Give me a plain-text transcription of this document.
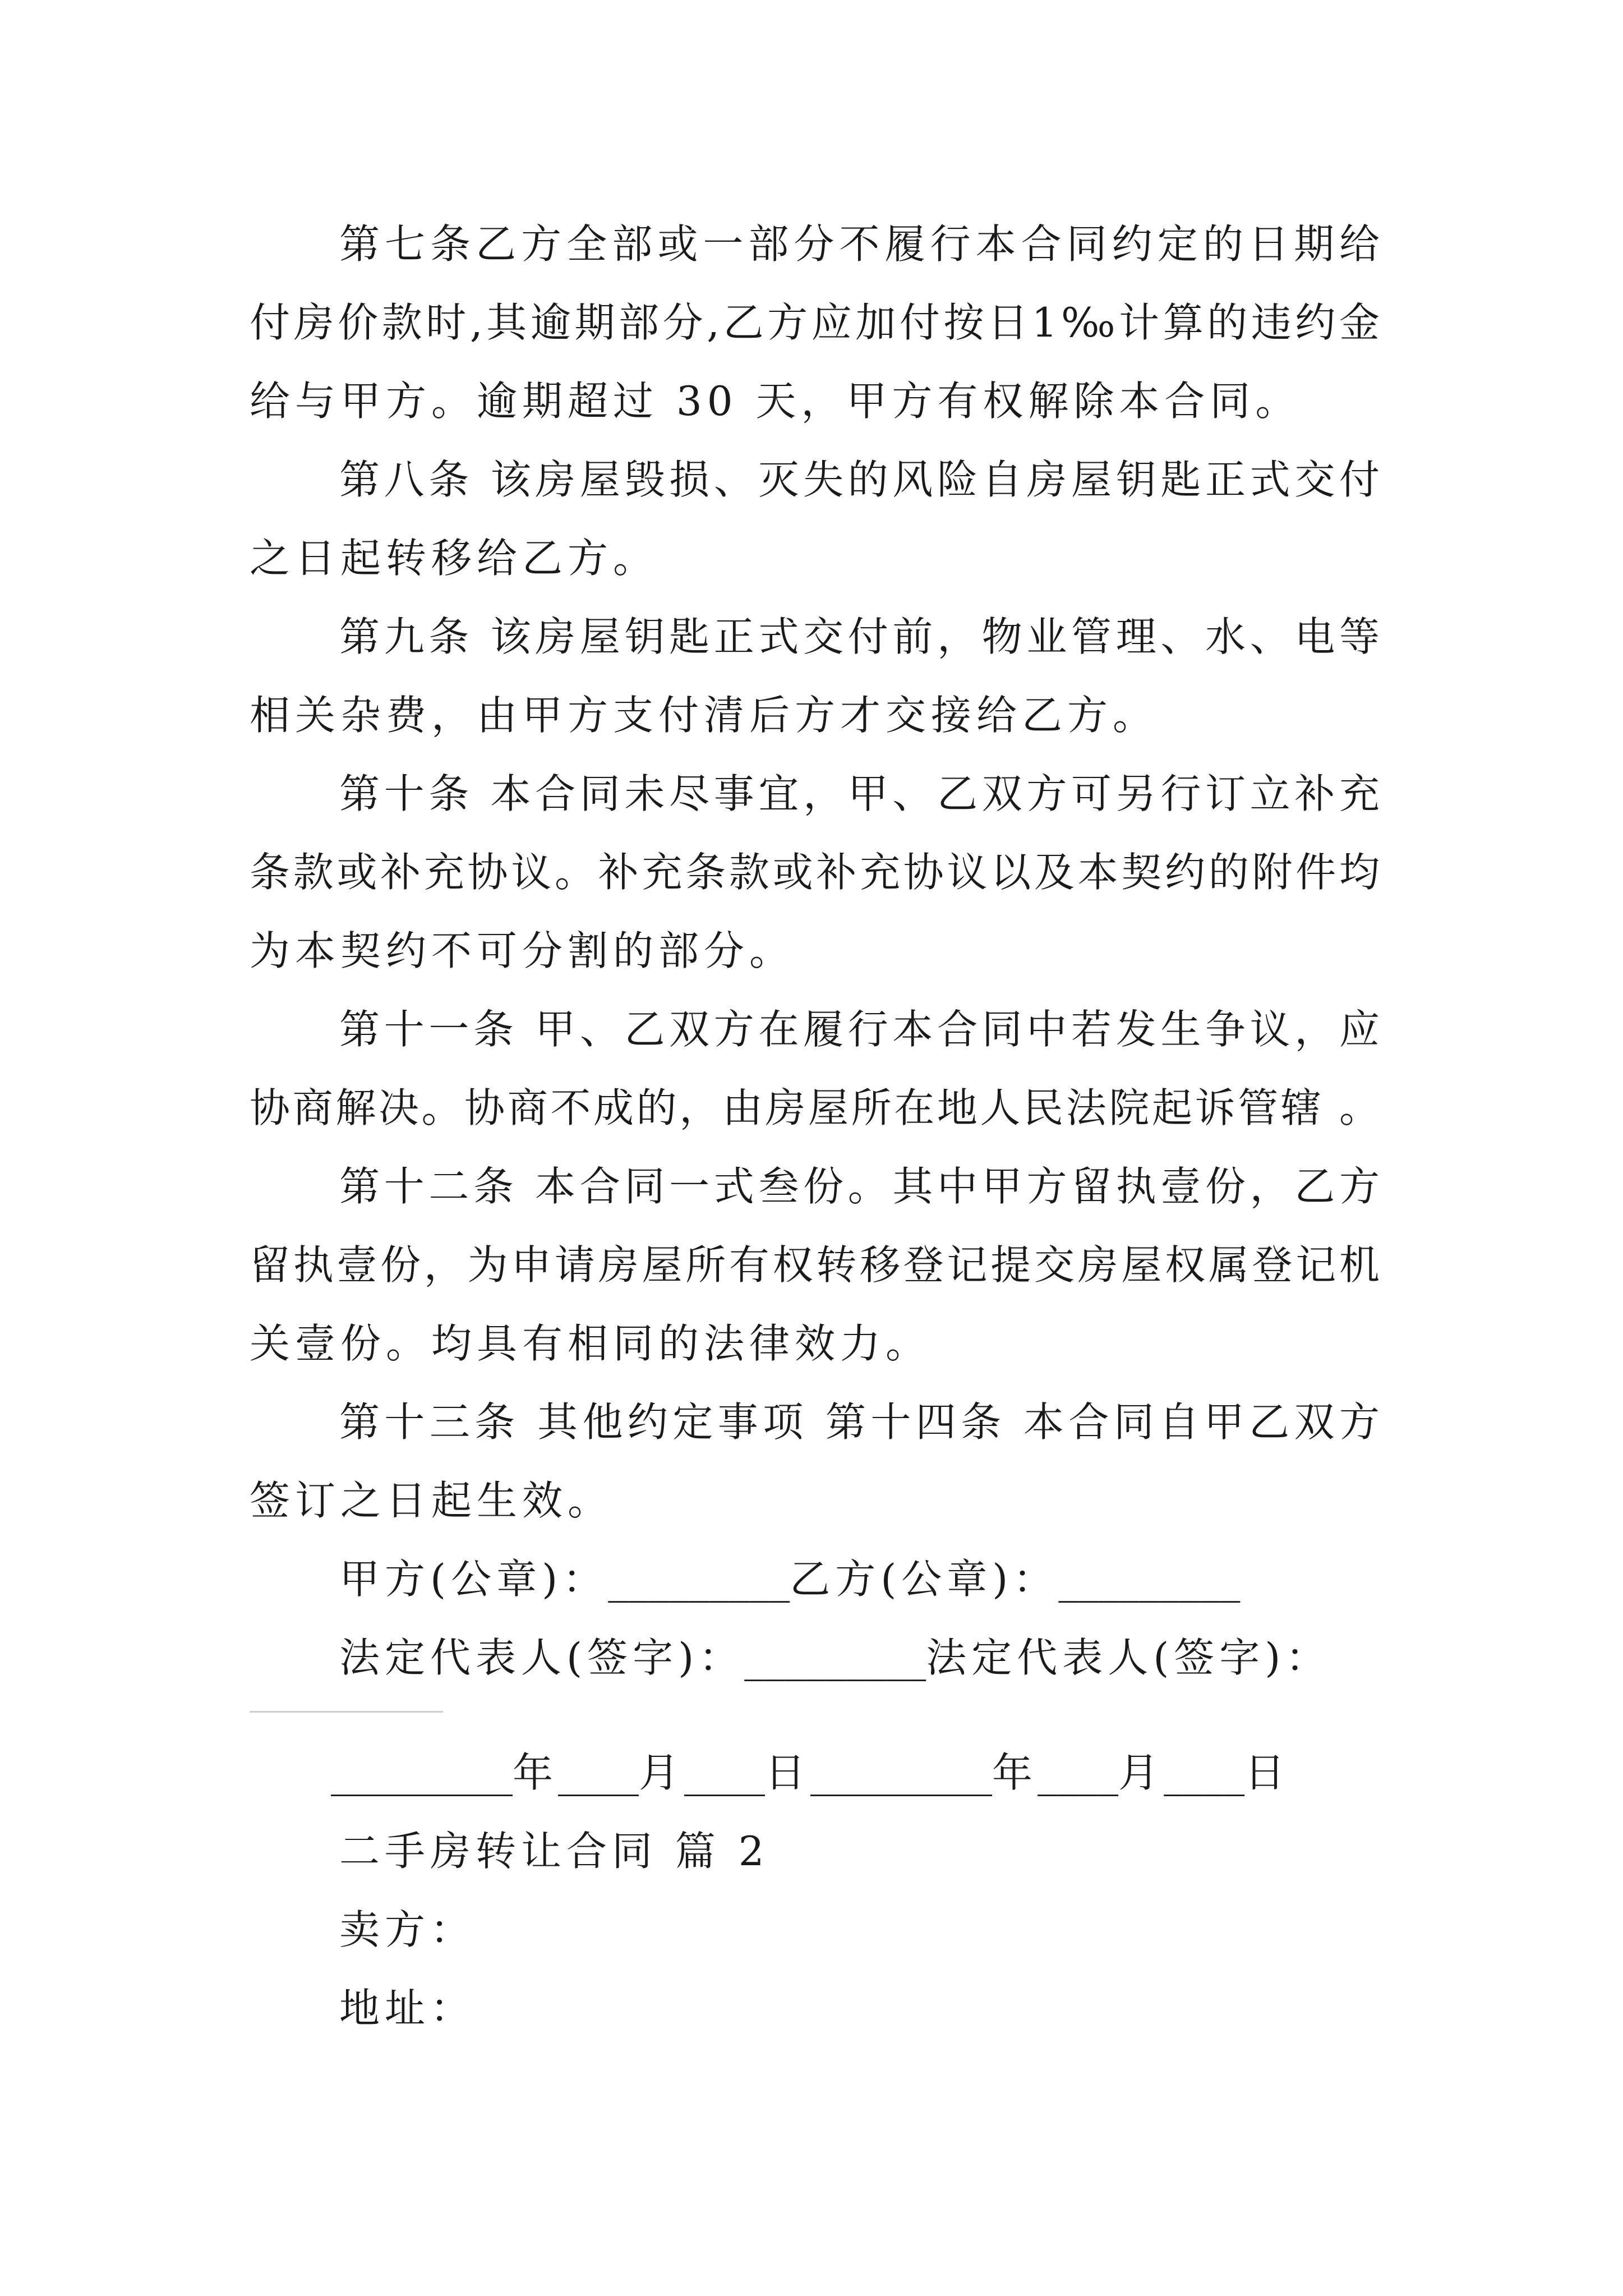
第七条乙方全部或一部分不履行本合同约定的日期给
付房价款时,其逾期部分,乙方应加付按日1‰计算的违约金
给与甲方。逾期超过 30 天，甲方有权解除本合同。
第八条 该房屋毁损、灭失的风险自房屋钥匙正式交付
之日起转移给乙方。
第九条 该房屋钥匙正式交付前，物业管理、水、电等
相关杂费，由甲方支付清后方才交接给乙方。
第十条 本合同未尽事宜，甲、乙双方可另行订立补充
条款或补充协议。补充条款或补充协议以及本契约的附件均
为本契约不可分割的部分。
第十一条 甲、乙双方在履行本合同中若发生争议，应
协商解决。协商不成的，由房屋所在地人民法院起诉管辖 。
第十二条 本合同一式叁份。其中甲方留执壹份，乙方
留执壹份，为申请房屋所有权转移登记提交房屋权属登记机
关壹份。均具有相同的法律效力。
第十三条 其他约定事项 第十四条 本合同自甲乙双方
签订之日起生效。
甲方(公章)：_________乙方(公章)：_________
法定代表人(签字)：_________法定代表人(签字)：
_________年____月____日_________年____月____日
二手房转让合同 篇 2
卖方：
地址：
